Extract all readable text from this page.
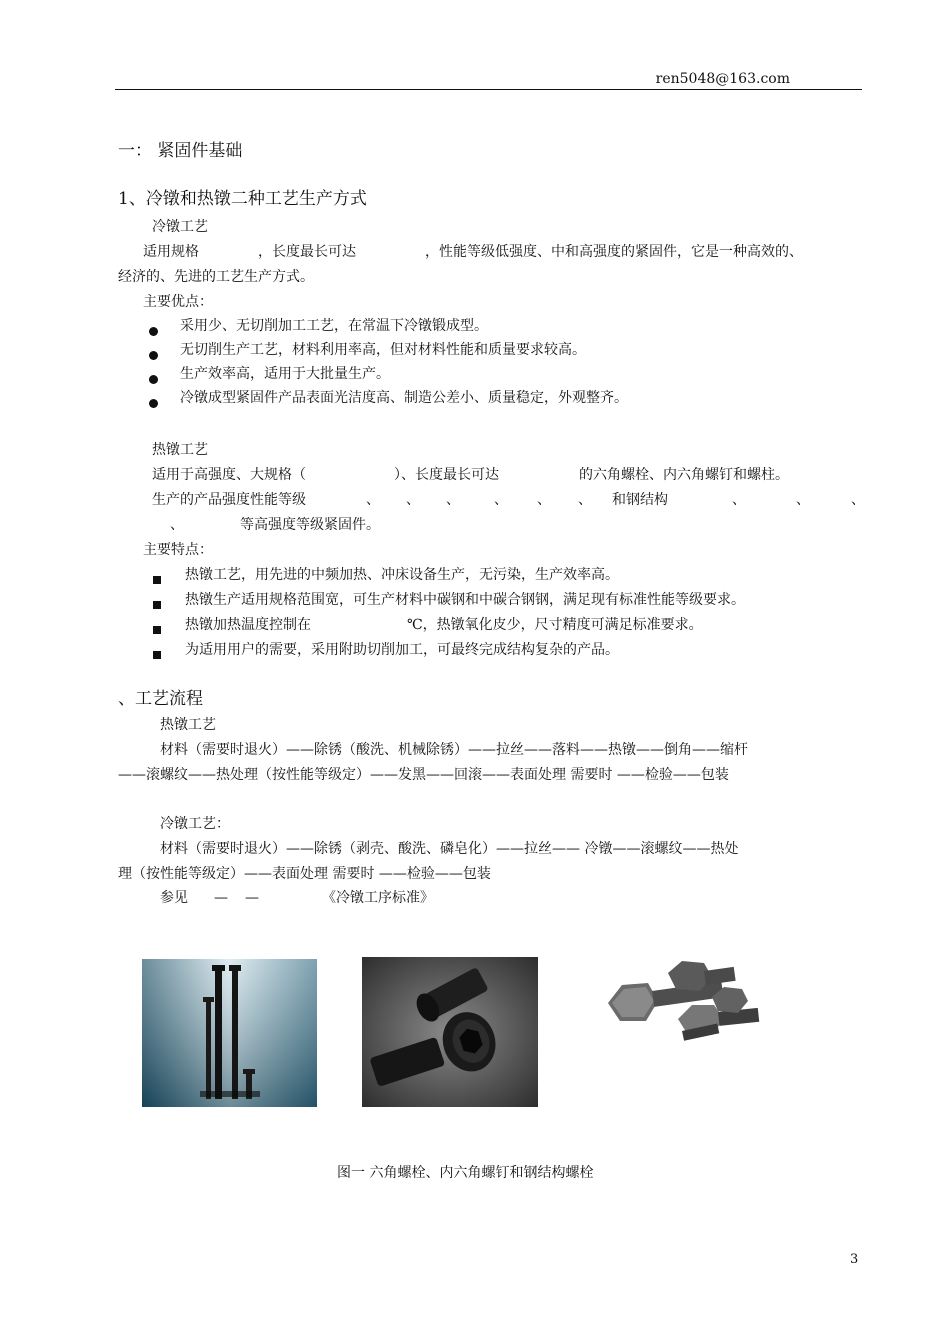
ren5048@163.com
一： 紧固件基础
1、冷镦和热镦二种工艺生产方式
冷镦工艺
适用规格	，长度最长可达	，性能等级低强度、中和高强度的紧固件，它是一种高效的、
经济的、先进的工艺生产方式。
主要优点：
采用少、无切削加工工艺，在常温下冷镦锻成型。
无切削生产工艺，材料利用率高，但对材料性能和质量要求较高。
生产效率高，适用于大批量生产。
冷镦成型紧固件产品表面光洁度高、制造公差小、质量稳定，外观整齐。
热镦工艺
适用于高强度、大规格（	）、长度最长可达	的六角螺栓、内六角螺钉和螺柱。
生产的产品强度性能等级	、 、 、 、 、 、 和钢结构	、	、	、
、	等高强度等级紧固件。
主要特点：
热镦工艺，用先进的中频加热、冲床设备生产，无污染，生产效率高。
热镦生产适用规格范围宽，可生产材料中碳钢和中碳合钢钢，满足现有标准性能等级要求。
热镦加热温度控制在	℃，热镦氧化皮少，尺寸精度可满足标准要求。
为适用用户的需要，采用附助切削加工，可最终完成结构复杂的产品。
、工艺流程
热镦工艺
材料（需要时退火）——除锈（酸洗、机械除锈）——拉丝——落料——热镦——倒角——缩杆
——滚螺纹——热处理（按性能等级定）——发黑——回滚——表面处理 需要时 ——检验——包装
冷镦工艺：
材料（需要时退火）——除锈（剥壳、酸洗、磷皂化）——拉丝—— 冷镦——滚螺纹——热处
理（按性能等级定）——表面处理 需要时 ——检验——包装
参见 — —	《冷镦工序标准》
图一 六角螺栓、内六角螺钉和钢结构螺栓
3
